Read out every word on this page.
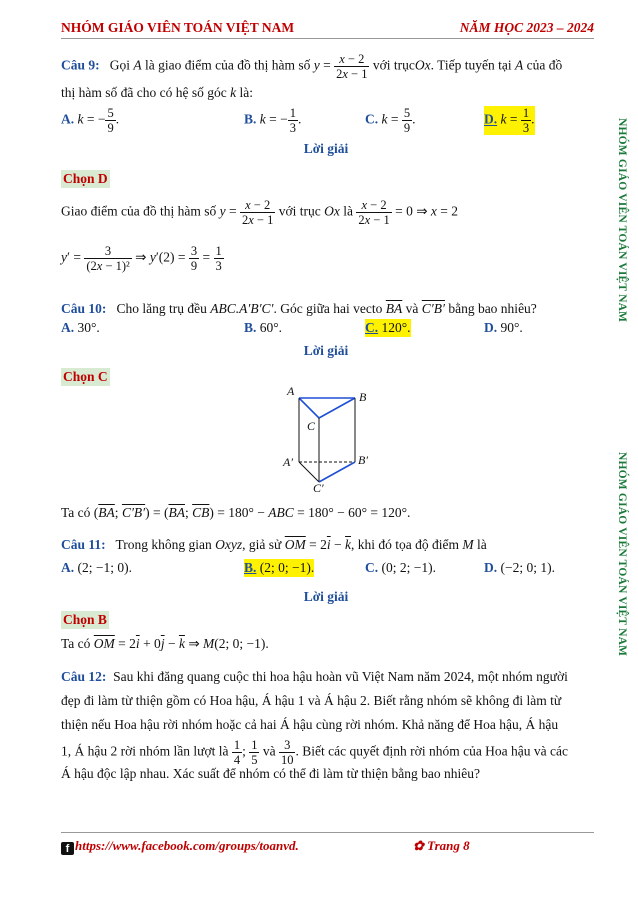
NHÓM GIÁO VIÊN TOÁN VIỆT NAM	NĂM HỌC 2023 – 2024
NHÓM GIÁO VIÊN TOÁN VIỆT NAM
NHÓM GIÁO VIÊN TOÁN VIỆT NAM
Câu 9: Gọi A là giao điểm của đồ thị hàm số $y = \frac{x - 2}{2x - 1}$ với trụcOx. Tiếp tuyến tại A của đồ
thị hàm số đã cho có hệ số góc k là:
A. k = − $\frac{5}{9}$ .	B. k = − $\frac{1}{3}$ .	C. $k = \frac{5}{9}$ .	D. $k = \frac{1}{3}$ .
Lời giải
Chọn D
Giao điểm của đồ thị hàm số $y = \frac{x - 2}{2x - 1}$ với trục Ox là $\frac{x - 2}{2x - 1} = 0$ ⇒ x = 2
$y' = \frac{3}{\text{(2x − 1)²}}$ ⇒ $y'(2) = \frac{3}{9} = \frac{1}{3}$
Câu 10: Cho lăng trụ đều ABC.A′B′C′. Góc giữa hai vecto $\overline{BA}$ và C′B′ bằng bao nhiêu?
A. 30°.	B. 60°.	C. 120°.	D. 90°.
Lời giải
Chọn C
A	B
C
A′	B′
C′
Ta có ($\overline{BA}$; $C'B') = (\overline{BA}$; $\overline{CB}) = 180^\circ$ − ABC = 180° − 60° = 120°.
Câu 11: Trong không gian Oxyz, giả sử $\overline{OM} = 2\overline{i} - \overline{k}$, khi đó tọa độ điểm M là
A. (2; −1; 0).	B. (2; 0; −1).	C. (0; 2; −1).	D. (−2; 0; 1).
Lời giải
Chọn B
Ta có $\overline{OM} = 2\overline{i} + 0\overline{j} - \overline{k}$ ⇒ M(2; 0; −1).
Câu 12: Sau khi đăng quang cuộc thi hoa hậu hoàn vũ Việt Nam năm 2024, một nhóm người
đẹp đi làm từ thiện gồm có Hoa hậu, Á hậu 1 và Á hậu 2. Biết rằng nhóm sẽ không đi làm từ
thiện nếu Hoa hậu rời nhóm hoặc cả hai Á hậu cùng rời nhóm. Khả năng để Hoa hậu, Á hậu
1, Á hậu 2 rời nhóm lần lượt là $\frac{1}{4}$ ; $\frac{1}{5}$ và $\frac{3}{10}$ . Biết các quyết định rời nhóm của Hoa hậu và các
Á hậu độc lập nhau. Xác suất để nhóm có thể đi làm từ thiện bằng bao nhiêu?
f https://www.facebook.com/groups/toanvd.	✿ Trang 8
